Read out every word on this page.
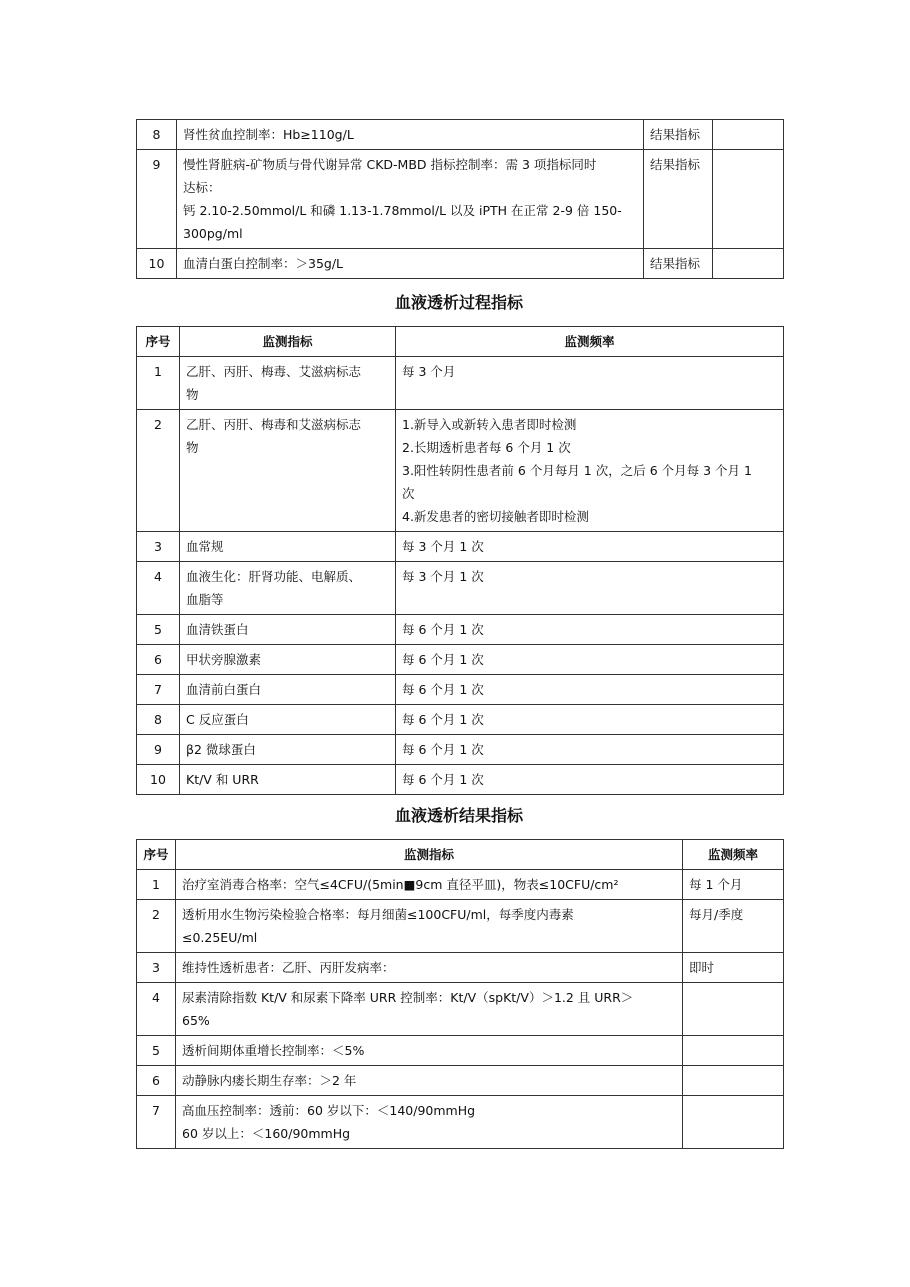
8	肾性贫血控制率：Hb≥110g/L	结果指标	
9	慢性肾脏病-矿物质与骨代谢异常 CKD-MBD 指标控制率：需 3 项指标同时
达标：
钙 2.10-2.50mmol/L 和磷 1.13-1.78mmol/L 以及 iPTH 在正常 2-9 倍 150-
300pg/ml	结果指标	
10	血清白蛋白控制率：＞35g/L	结果指标	
血液透析过程指标
序号	监测指标	监测频率
1	乙肝、丙肝、梅毒、艾滋病标志
物	每 3 个月

2	乙肝、丙肝、梅毒和艾滋病标志
物	1.新导入或新转入患者即时检测
2.长期透析患者每 6 个月 1 次
3.阳性转阴性患者前 6 个月每月 1 次，之后 6 个月每 3 个月 1
次
4.新发患者的密切接触者即时检测

3	血常规	每 3 个月 1 次

4	血液生化：肝肾功能、电解质、
血脂等	每 3 个月 1 次

5	血清铁蛋白	每 6 个月 1 次

6	甲状旁腺激素	每 6 个月 1 次

7	血清前白蛋白	每 6 个月 1 次

8	C 反应蛋白	每 6 个月 1 次

9	β2 微球蛋白	每 6 个月 1 次

10	Kt/V 和 URR	每 6 个月 1 次
血液透析结果指标
序号	监测指标	监测频率
1	治疗室消毒合格率：空气≤4CFU/(5min■9cm 直径平皿)，物表≤10CFU/cm²	每 1 个月
2	透析用水生物污染检验合格率：每月细菌≤100CFU/ml，每季度内毒素
≤0.25EU/ml	每月/季度
3	维持性透析患者：乙肝、丙肝发病率：	即时
4	尿素清除指数 Kt/V 和尿素下降率 URR 控制率：Kt/V（spKt/V）＞1.2 且 URR＞
65%	

5	透析间期体重增长控制率：＜5%	

6	动静脉内瘘长期生存率：＞2 年	

7	高血压控制率：透前：60 岁以下：＜140/90mmHg
60 岁以上：＜160/90mmHg	
